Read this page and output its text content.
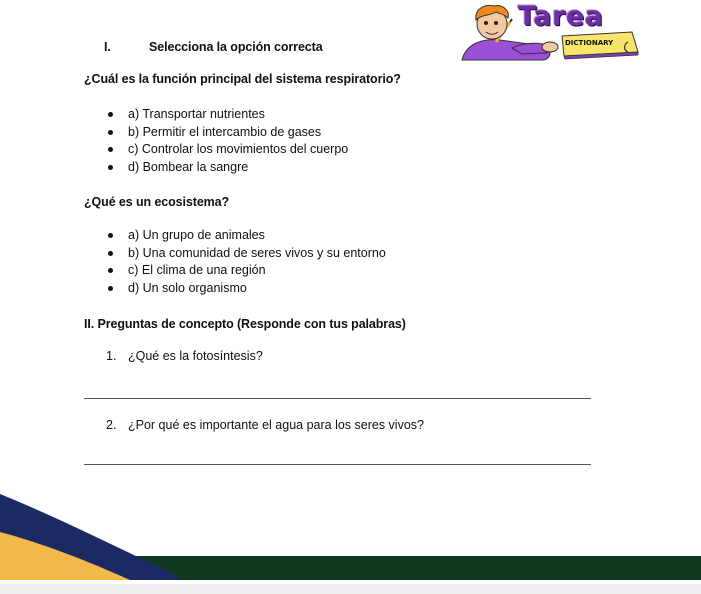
Tarea
DICTIONARY
I.	Selecciona la opción correcta
¿Cuál es la función principal del sistema respiratorio?
a) Transportar nutrientes
b) Permitir el intercambio de gases
c) Controlar los movimientos del cuerpo
d) Bombear la sangre
¿Qué es un ecosistema?
a) Un grupo de animales
b) Una comunidad de seres vivos y su entorno
c) El clima de una región
d) Un solo organismo
II. Preguntas de concepto (Responde con tus palabras)
1. ¿Qué es la fotosíntesis?
2. ¿Por qué es importante el agua para los seres vivos?
